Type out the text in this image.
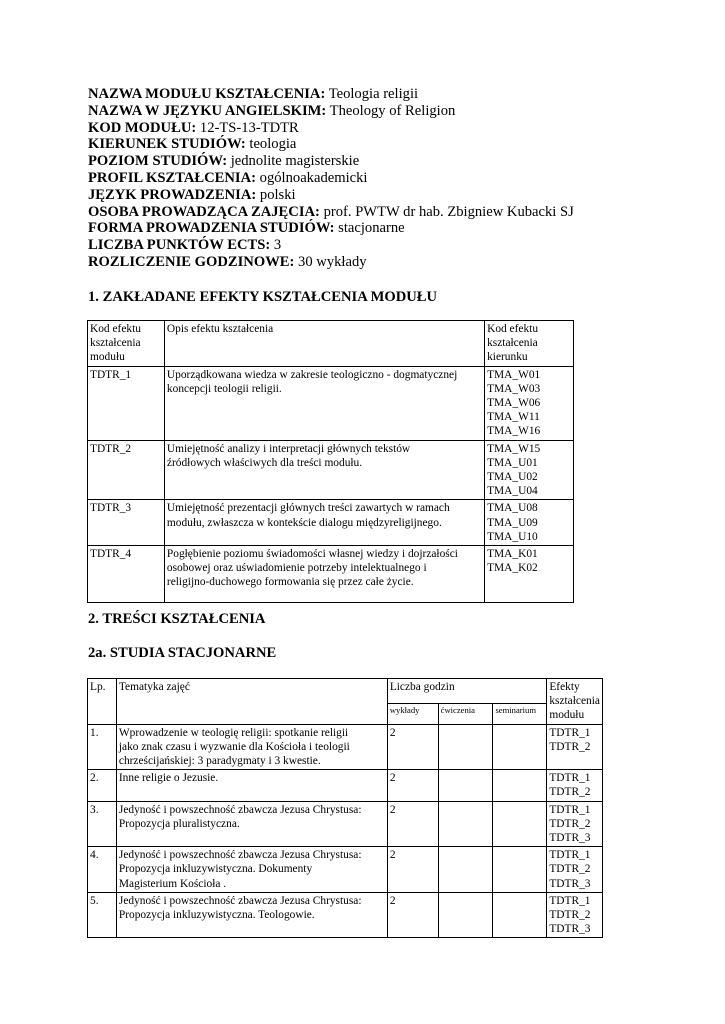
NAZWA MODUŁU KSZTAŁCENIA: Teologia religii
NAZWA W JĘZYKU ANGIELSKIM: Theology of Religion
KOD MODUŁU: 12-TS-13-TDTR
KIERUNEK STUDIÓW: teologia
POZIOM STUDIÓW: jednolite magisterskie
PROFIL KSZTAŁCENIA: ogólnoakademicki
JĘZYK PROWADZENIA: polski
OSOBA PROWADZĄCA ZAJĘCIA: prof. PWTW dr hab. Zbigniew Kubacki SJ
FORMA PROWADZENIA STUDIÓW: stacjonarne
LICZBA PUNKTÓW ECTS: 3
ROZLICZENIE GODZINOWE: 30 wykłady
1. ZAKŁADANE EFEKTY KSZTAŁCENIA MODUŁU
Kod efektu
kształcenia
modułu	Opis efektu kształcenia	Kod efektu
kształcenia
kierunku
TDTR_1	Uporządkowana wiedza w zakresie teologiczno - dogmatycznej
koncepcji teologii religii.	TMA_W01
TMA_W03
TMA_W06
TMA_W11
TMA_W16
TDTR_2	Umiejętność analizy i interpretacji głównych tekstów
źródłowych właściwych dla treści modułu.	TMA_W15
TMA_U01
TMA_U02
TMA_U04
TDTR_3	Umiejętność prezentacji głównych treści zawartych w ramach
modułu, zwłaszcza w kontekście dialogu międzyreligijnego.	TMA_U08
TMA_U09
TMA_U10
TDTR_4	Pogłębienie poziomu świadomości własnej wiedzy i dojrzałości
osobowej oraz uświadomienie potrzeby intelektualnego i
religijno-duchowego formowania się przez całe życie.	TMA_K01
TMA_K02
2. TREŚCI KSZTAŁCENIA
2a. STUDIA STACJONARNE
Lp.	Tematyka zajęć	Liczba godzin			Efekty
kształcenia
modułu
		wykłady	ćwiczenia	seminarium	
1.	Wprowadzenie w teologię religii: spotkanie religii
jako znak czasu i wyzwanie dla Kościoła i teologii
chrześcijańskiej: 3 paradygmaty i 3 kwestie.	2			TDTR_1
TDTR_2
2.	Inne religie o Jezusie.	2			TDTR_1
TDTR_2
3.	Jedyność i powszechność zbawcza Jezusa Chrystusa:
Propozycja pluralistyczna.	2			TDTR_1
TDTR_2
TDTR_3
4.	Jedyność i powszechność zbawcza Jezusa Chrystusa:
Propozycja inkluzywistyczna. Dokumenty
Magisterium Kościoła .	2			TDTR_1
TDTR_2
TDTR_3
5.	Jedyność i powszechność zbawcza Jezusa Chrystusa:
Propozycja inkluzywistyczna. Teologowie.	2			TDTR_1
TDTR_2
TDTR_3
